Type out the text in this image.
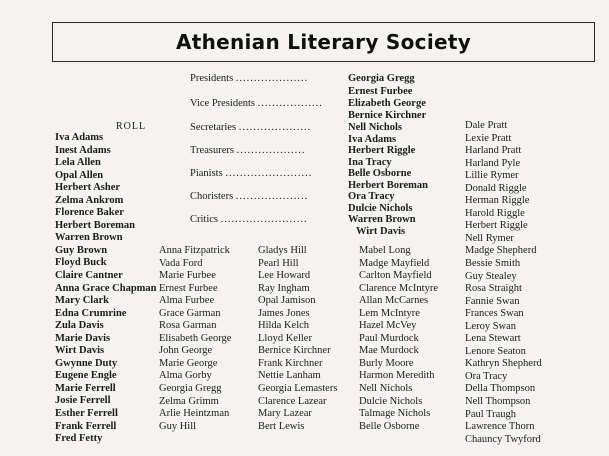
Athenian Literary Society
Presidents ....................
Vice Presidents ..................
Secretaries ....................
Treasurers ...................
Pianists ........................
Choristers ....................
Critics ........................
Georgia Gregg
Ernest Furbee
Elizabeth George
Bernice Kirchner
Nell Nichols
Iva Adams
Herbert Riggle
Ina Tracy
Belle Osborne
Herbert Boreman
Ora Tracy
Dulcie Nichols
Warren Brown
Wirt Davis
ROLL
Iva Adams
Inest Adams
Lela Allen
Opal Allen
Herbert Asher
Zelma Ankrom
Florence Baker
Herbert Boreman
Warren Brown
Guy Brown
Floyd Buck
Claire Cantner
Anna Grace Chapman
Mary Clark
Edna Crumrine
Zula Davis
Marie Davis
Wirt Davis
Gwynne Duty
Eugene Engle
Marie Ferrell
Josie Ferrell
Esther Ferrell
Frank Ferrell
Fred Fetty
Anna Fitzpatrick
Vada Ford
Marie Furbee
Ernest Furbee
Alma Furbee
Grace Garman
Rosa Garman
Elisabeth George
John George
Marie George
Alma Gorby
Georgia Gregg
Zelma Grimm
Arlie Heintzman
Guy Hill
Gladys Hill
Pearl Hill
Lee Howard
Ray Ingham
Opal Jamison
James Jones
Hilda Kelch
Lloyd Keller
Bernice Kirchner
Frank Kirchner
Nettie Lanham
Georgia Lemasters
Clarence Lazear
Mary Lazear
Bert Lewis
Mabel Long
Madge Mayfield
Carlton Mayfield
Clarence McIntyre
Allan McCarnes
Lem McIntyre
Hazel McVey
Paul Murdock
Mae Murdock
Burly Moore
Harmon Meredith
Nell Nichols
Dulcie Nichols
Talmage Nichols
Belle Osborne
Dale Pratt
Lexie Pratt
Harland Pratt
Harland Pyle
Lillie Rymer
Donald Riggle
Herman Riggle
Harold Riggle
Herbert Riggle
Nell Rymer
Madge Shepherd
Bessie Smith
Guy Stealey
Rosa Straight
Fannie Swan
Frances Swan
Leroy Swan
Lena Stewart
Lenore Seaton
Kathryn Shepherd
Ora Tracy
Della Thompson
Nell Thompson
Paul Traugh
Lawrence Thorn
Chauncy Twyford
